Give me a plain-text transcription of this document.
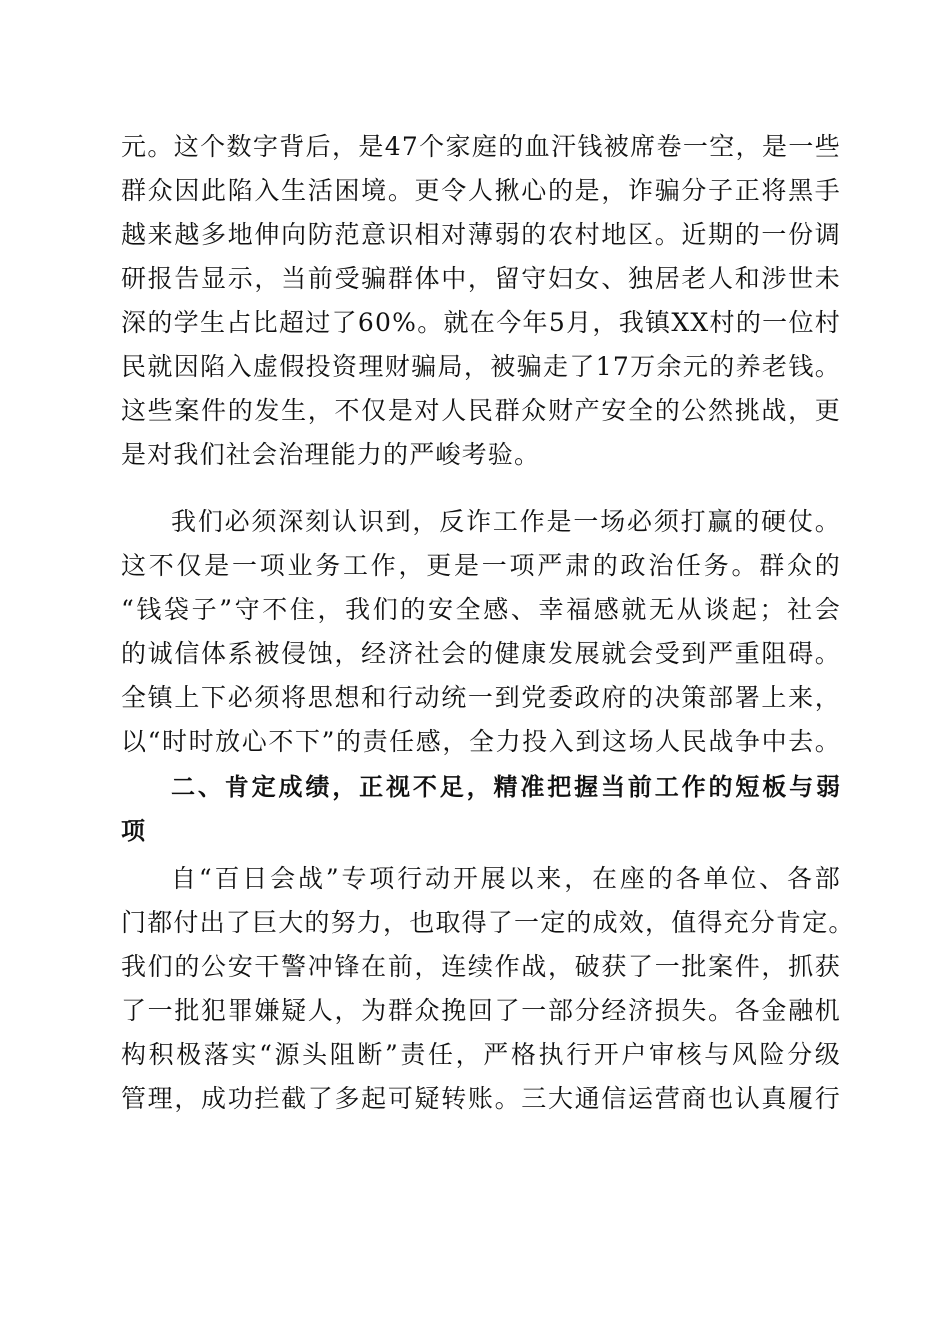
元。这个数字背后，是47个家庭的血汗钱被席卷一空，是一些
群众因此陷入生活困境。更令人揪心的是，诈骗分子正将黑手
越来越多地伸向防范意识相对薄弱的农村地区。近期的一份调
研报告显示，当前受骗群体中，留守妇女、独居老人和涉世未
深的学生占比超过了60%。就在今年5月，我镇XX村的一位村
民就因陷入虚假投资理财骗局，被骗走了17万余元的养老钱。
这些案件的发生，不仅是对人民群众财产安全的公然挑战，更
是对我们社会治理能力的严峻考验。
我们必须深刻认识到，反诈工作是一场必须打赢的硬仗。
这不仅是一项业务工作，更是一项严肃的政治任务。群众的
“钱袋子”守不住，我们的安全感、幸福感就无从谈起；社会
的诚信体系被侵蚀，经济社会的健康发展就会受到严重阻碍。
全镇上下必须将思想和行动统一到党委政府的决策部署上来，
以“时时放心不下”的责任感，全力投入到这场人民战争中去。
二、肯定成绩，正视不足，精准把握当前工作的短板与弱
项
自“百日会战”专项行动开展以来，在座的各单位、各部
门都付出了巨大的努力，也取得了一定的成效，值得充分肯定。
我们的公安干警冲锋在前，连续作战，破获了一批案件，抓获
了一批犯罪嫌疑人，为群众挽回了一部分经济损失。各金融机
构积极落实“源头阻断”责任，严格执行开户审核与风险分级
管理，成功拦截了多起可疑转账。三大通信运营商也认真履行
